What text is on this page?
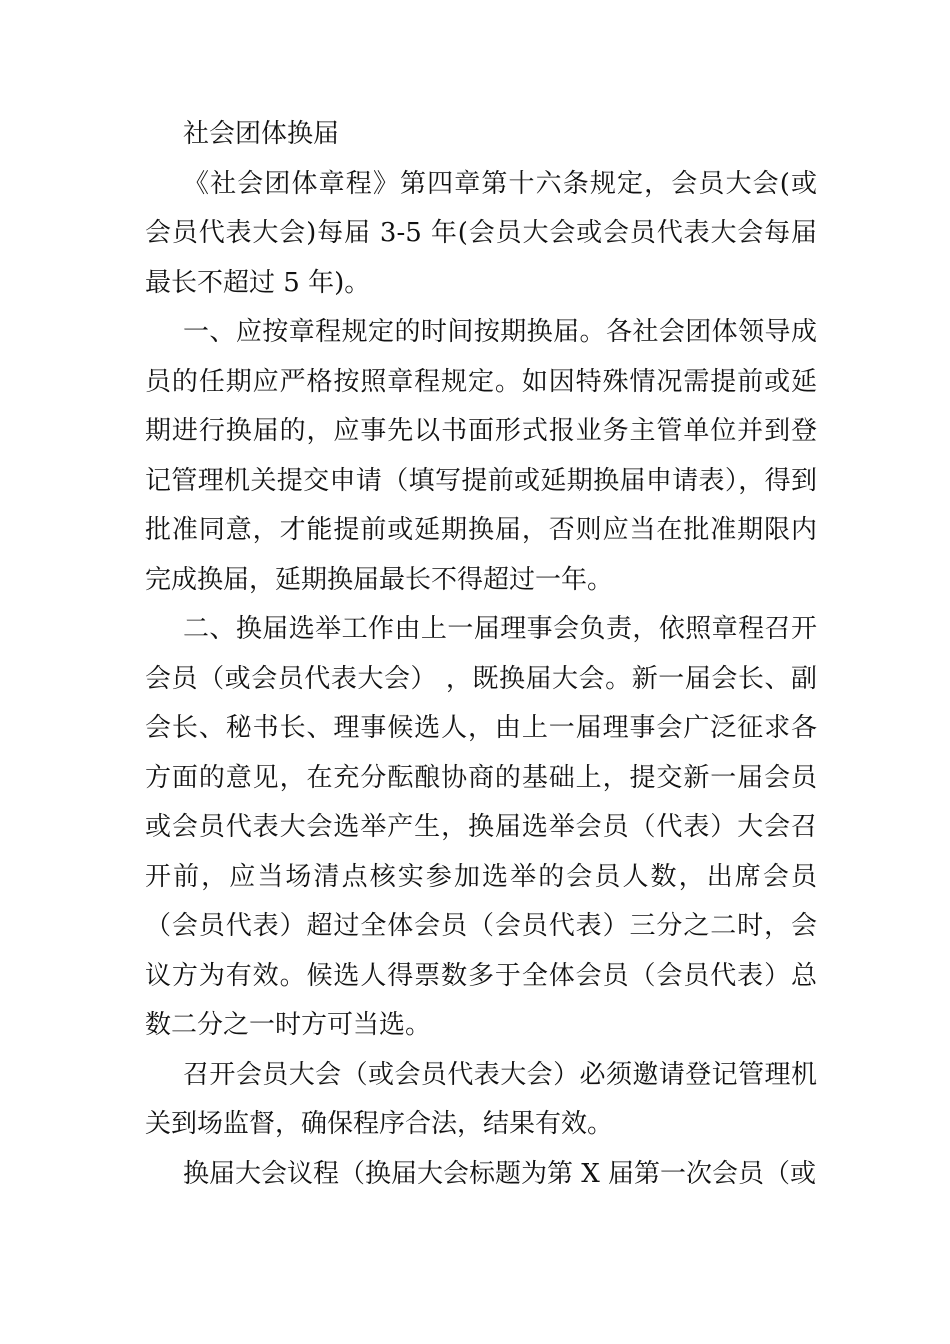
社会团体换届

《社会团体章程》第四章第十六条规定，会员大会(或会员代表大会)每届 3-5 年(会员大会或会员代表大会每届最长不超过 5 年)。

一、应按章程规定的时间按期换届。各社会团体领导成员的任期应严格按照章程规定。如因特殊情况需提前或延期进行换届的，应事先以书面形式报业务主管单位并到登记管理机关提交申请（填写提前或延期换届申请表），得到批准同意，才能提前或延期换届，否则应当在批准期限内完成换届，延期换届最长不得超过一年。

二、换届选举工作由上一届理事会负责，依照章程召开会员（或会员代表大会） ，既换届大会。新一届会长、副会长、秘书长、理事候选人，由上一届理事会广泛征求各方面的意见，在充分酝酿协商的基础上，提交新一届会员或会员代表大会选举产生，换届选举会员（代表）大会召开前，应当场清点核实参加选举的会员人数，出席会员（会员代表）超过全体会员（会员代表）三分之二时，会议方为有效。候选人得票数多于全体会员（会员代表）总数二分之一时方可当选。

召开会员大会（或会员代表大会）必须邀请登记管理机关到场监督，确保程序合法，结果有效。

换届大会议程（换届大会标题为第 X 届第一次会员（或
